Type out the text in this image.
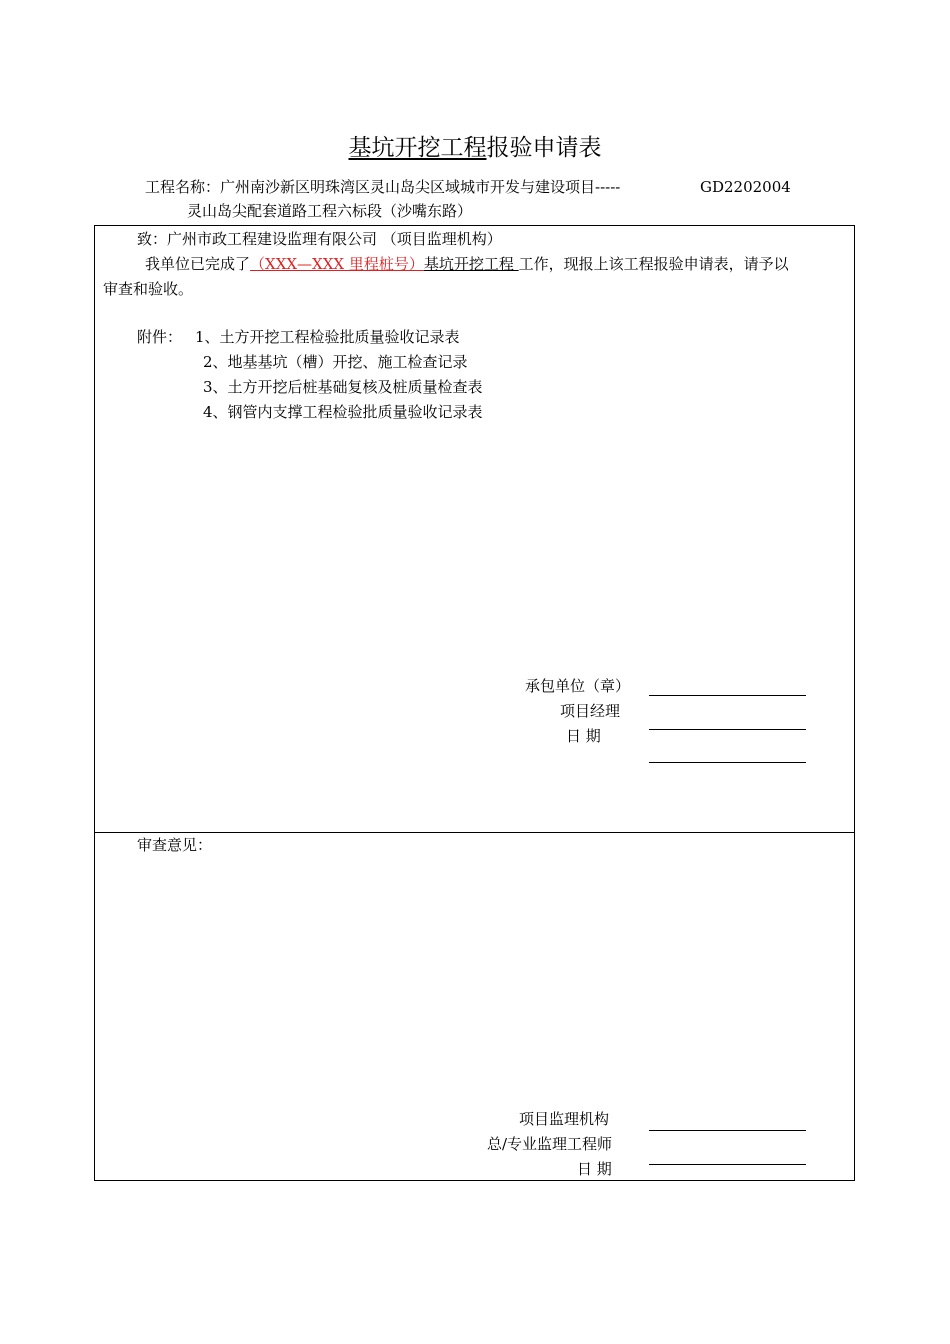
基坑开挖工程报验申请表
工程名称：广州南沙新区明珠湾区灵山岛尖区域城市开发与建设项目-----	GD2202004
灵山岛尖配套道路工程六标段（沙嘴东路）
致：广州市政工程建设监理有限公司 （项目监理机构）
我单位已完成了（XXX—XXX 里程桩号）基坑开挖工程 工作，现报上该工程报验申请表，请予以
审查和验收。
附件： 1、土方开挖工程检验批质量验收记录表
2、地基基坑（槽）开挖、施工检查记录
3、土方开挖后桩基础复核及桩质量检查表
4、钢管内支撑工程检验批质量验收记录表
承包单位（章）
项目经理
日 期
审查意见：
项目监理机构
总/专业监理工程师
日 期
